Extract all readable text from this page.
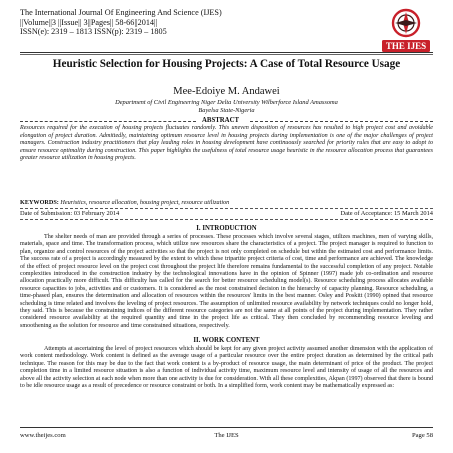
The International Journal Of Engineering And Science (IJES)
||Volume||3 ||Issue|| 3||Pages|| 58-66||2014||
ISSN(e): 2319 – 1813 ISSN(p): 2319 – 1805
THE IJES
Heuristic Selection for Housing Projects: A Case of Total Resource Usage
Mee-Edoiye M. Andawei
Department of Civil Engineering Niger Delta University Wilberforce Island Amassoma
Bayelsa State-Nigeria
ABSTRACT
Resources required for the execution of housing projects fluctuates randomly. This uneven disposition of resources has resulted to high project cost and avoidable elongation of project duration. Admittedly, maintaining optimum resource level in housing projects during implementation is one of the major challenges of project managers. Construction industry practitioners that play leading roles in housing development have continuously searched for priority rules that are easy to adopt to ensure resource optimality during construction. This paper highlights the usefulness of total resource usage heuristic in the resource allocation process that guarantees greater resource utilization in housing projects.
KEYWORDS: Heuristics, resource allocation, housing project, resource utilization
Date of Submission: 03 February 2014	Date of Acceptance: 15 March 2014
I. INTRODUCTION

The shelter needs of man are provided through a series of processes. These processes which involve several stages, utilizes machines, men of varying skills, materials, space and time. The transformation process, which utilize raw resources share the characteristics of a project. The project manager is required to function to plan, organize and control resources of the project activities so that the project is not only completed on schedule but within the estimated cost and performance limits. The success rate of a project is accordingly measured by the extent to which these tripartite project criteria of cost, time and performance are achieved. The knowledge of the effect of project resource level on the project cost throughout the project life therefore remains fundamental to the successful completion of any project. Notable complexities introduced in the construction industry by the technological innovations have in the opinion of Spinner (1997) made job co-ordination and resource allocation practically more difficult. This difficulty has called for the search for better resource scheduling model(s). Resource scheduling process allocates available resource capacities to jobs, activities and or customers. It is considered as the most constrained decision in the hierarchy of capacity planning. Resource scheduling, a time-phased plan, ensures the determination and allocation of resources within the resources' limits in the best manner. Osley and Poskitt (1990) opined that resource scheduling is time related and involves the leveling of project resources. The assumption of unlimited resource availability by network techniques could no longer hold, they said. This is because the constraining indices of the different resource categories are not the same at all points of the project during implementation. They rather considered resource availability at the required quantity and time in the project life as critical. They then concluded by recommending resource leveling and smoothening as the solution for resource and time constrained situations, respectively.

II. WORK CONTENT

Attempts at ascertaining the level of project resources which should be kept for any given project activity assumed another dimension with the application of work content methodology. Work content is defined as the average usage of a particular resource over the entire project duration as determined by the critical path technique. The reason for this may be due to the fact that work content is a by-product of resource usage, the main determinant of price of the product. The project completion time in a limited resource situation is also a function of individual activity time, maximum resource level and intensity of usage of all the resources and above all the activity selection at each node when more than one activity is due for consideration. With all these complexities, Akpan (1997) observed that there is bound to be idle resource usage as a result of precedence or resource constraint or both. In a simplified form, work content may be mathematically expressed as:

www.theijes.com	The IJES	Page 58
